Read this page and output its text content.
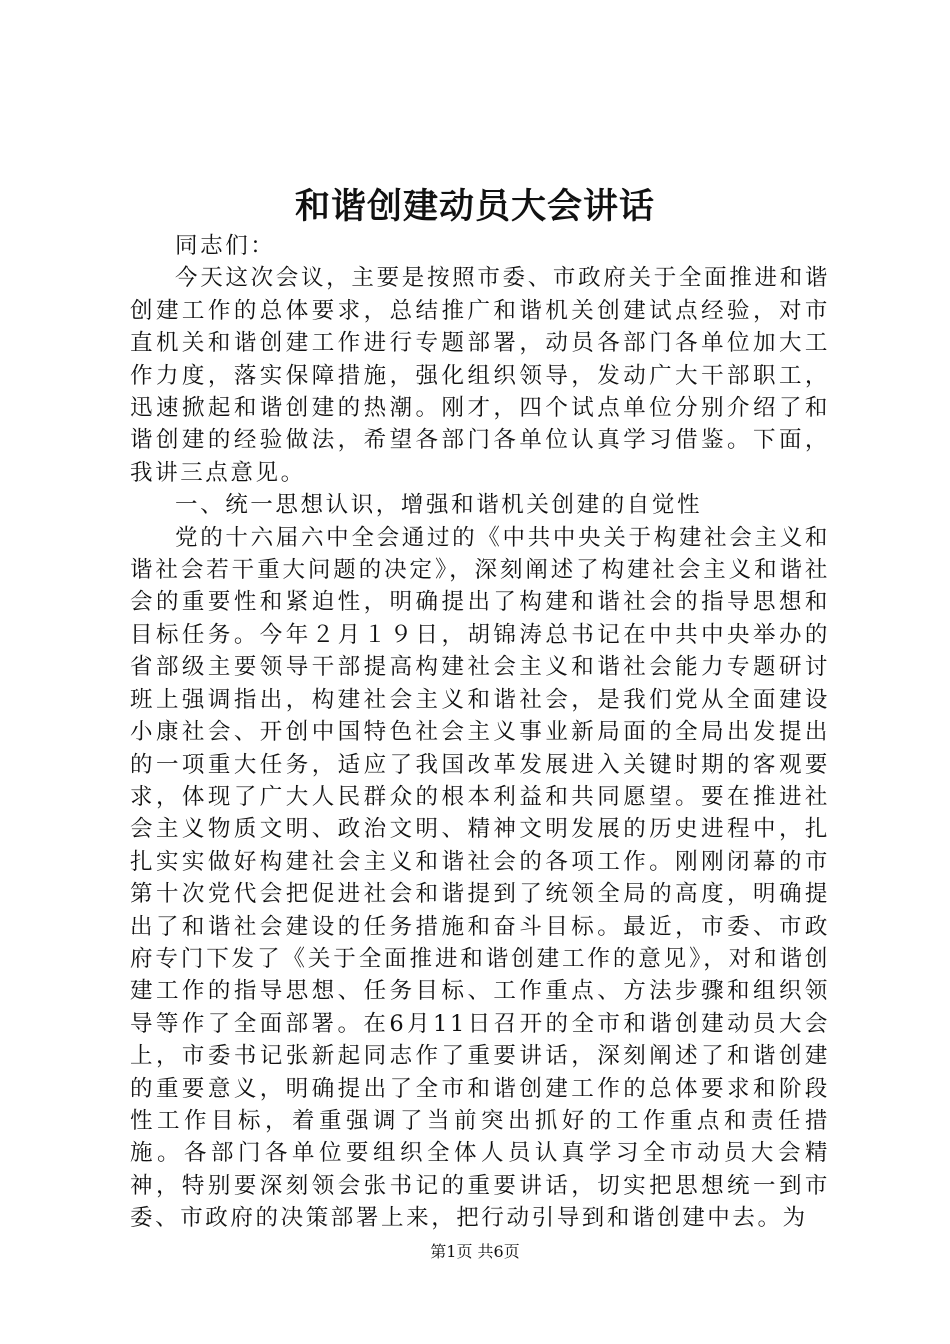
和谐创建动员大会讲话

同志们：

今天这次会议，主要是按照市委、市政府关于全面推进和谐创建工作的总体要求，总结推广和谐机关创建试点经验，对市直机关和谐创建工作进行专题部署，动员各部门各单位加大工作力度，落实保障措施，强化组织领导，发动广大干部职工，迅速掀起和谐创建的热潮。刚才，四个试点单位分别介绍了和谐创建的经验做法，希望各部门各单位认真学习借鉴。下面，我讲三点意见。

一、统一思想认识，增强和谐机关创建的自觉性

党的十六届六中全会通过的《中共中央关于构建社会主义和谐社会若干重大问题的决定》，深刻阐述了构建社会主义和谐社会的重要性和紧迫性，明确提出了构建和谐社会的指导思想和目标任务。今年２月１９日，胡锦涛总书记在中共中央举办的省部级主要领导干部提高构建社会主义和谐社会能力专题研讨班上强调指出，构建社会主义和谐社会，是我们党从全面建设小康社会、开创中国特色社会主义事业新局面的全局出发提出的一项重大任务，适应了我国改革发展进入关键时期的客观要求，体现了广大人民群众的根本利益和共同愿望。要在推进社会主义物质文明、政治文明、精神文明发展的历史进程中，扎扎实实做好构建社会主义和谐社会的各项工作。刚刚闭幕的市第十次党代会把促进社会和谐提到了统领全局的高度，明确提出了和谐社会建设的任务措施和奋斗目标。最近，市委、市政府专门下发了《关于全面推进和谐创建工作的意见》，对和谐创建工作的指导思想、任务目标、工作重点、方法步骤和组织领导等作了全面部署。在6月11日召开的全市和谐创建动员大会上，市委书记张新起同志作了重要讲话，深刻阐述了和谐创建的重要意义，明确提出了全市和谐创建工作的总体要求和阶段性工作目标，着重强调了当前突出抓好的工作重点和责任措施。各部门各单位要组织全体人员认真学习全市动员大会精神，特别要深刻领会张书记的重要讲话，切实把思想统一到市委、市政府的决策部署上来，把行动引导到和谐创建中去。为

第1页 共6页
